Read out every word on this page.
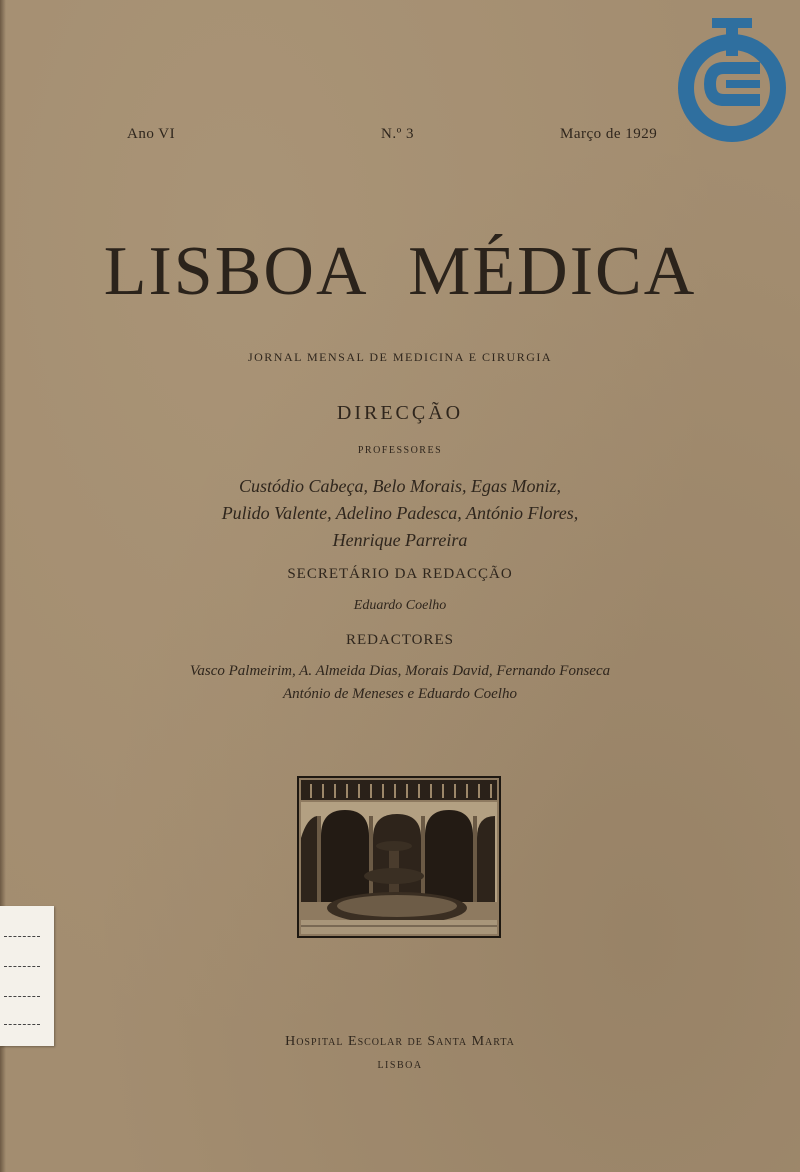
Ano VI	N.º 3	Março de 1929
LISBOA MÉDICA
JORNAL MENSAL DE MEDICINA E CIRURGIA
DIRECÇÃO
PROFESSORES
Custódio Cabeça, Belo Morais, Egas Moniz,
Pulido Valente, Adelino Padesca, António Flores,
Henrique Parreira
SECRETÁRIO DA REDACÇÃO
Eduardo Coelho
REDACTORES
Vasco Palmeirim, A. Almeida Dias, Morais David, Fernando Fonseca
António de Meneses e Eduardo Coelho
Hospital Escolar de Santa Marta
LISBOA
